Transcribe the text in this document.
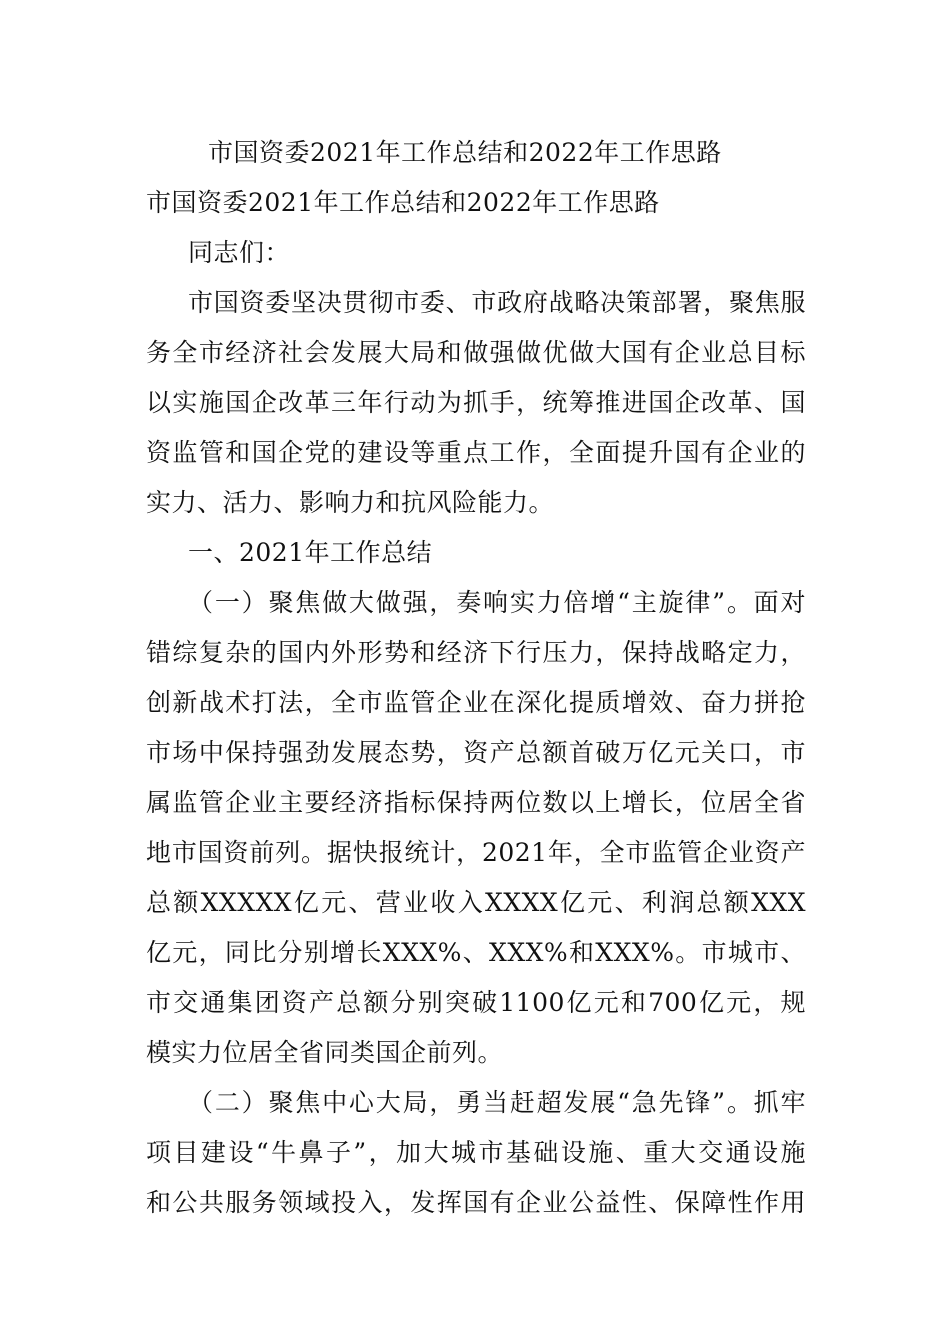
市国资委2021年工作总结和2022年工作思路
市国资委2021年工作总结和2022年工作思路
同志们：
市国资委坚决贯彻市委、市政府战略决策部署，聚焦服
务全市经济社会发展大局和做强做优做大国有企业总目标
以实施国企改革三年行动为抓手，统筹推进国企改革、国
资监管和国企党的建设等重点工作，全面提升国有企业的
实力、活力、影响力和抗风险能力。
一、2021年工作总结
（一）聚焦做大做强，奏响实力倍增“主旋律”。面对
错综复杂的国内外形势和经济下行压力，保持战略定力，
创新战术打法，全市监管企业在深化提质增效、奋力拼抢
市场中保持强劲发展态势，资产总额首破万亿元关口，市
属监管企业主要经济指标保持两位数以上增长，位居全省
地市国资前列。据快报统计，2021年，全市监管企业资产
总额XXXXX亿元、营业收入XXXX亿元、利润总额XXX
亿元，同比分别增长XXX%、XXX%和XXX%。市城市、
市交通集团资产总额分别突破1100亿元和700亿元，规
模实力位居全省同类国企前列。
（二）聚焦中心大局，勇当赶超发展“急先锋”。抓牢
项目建设“牛鼻子”，加大城市基础设施、重大交通设施
和公共服务领域投入，发挥国有企业公益性、保障性作用
